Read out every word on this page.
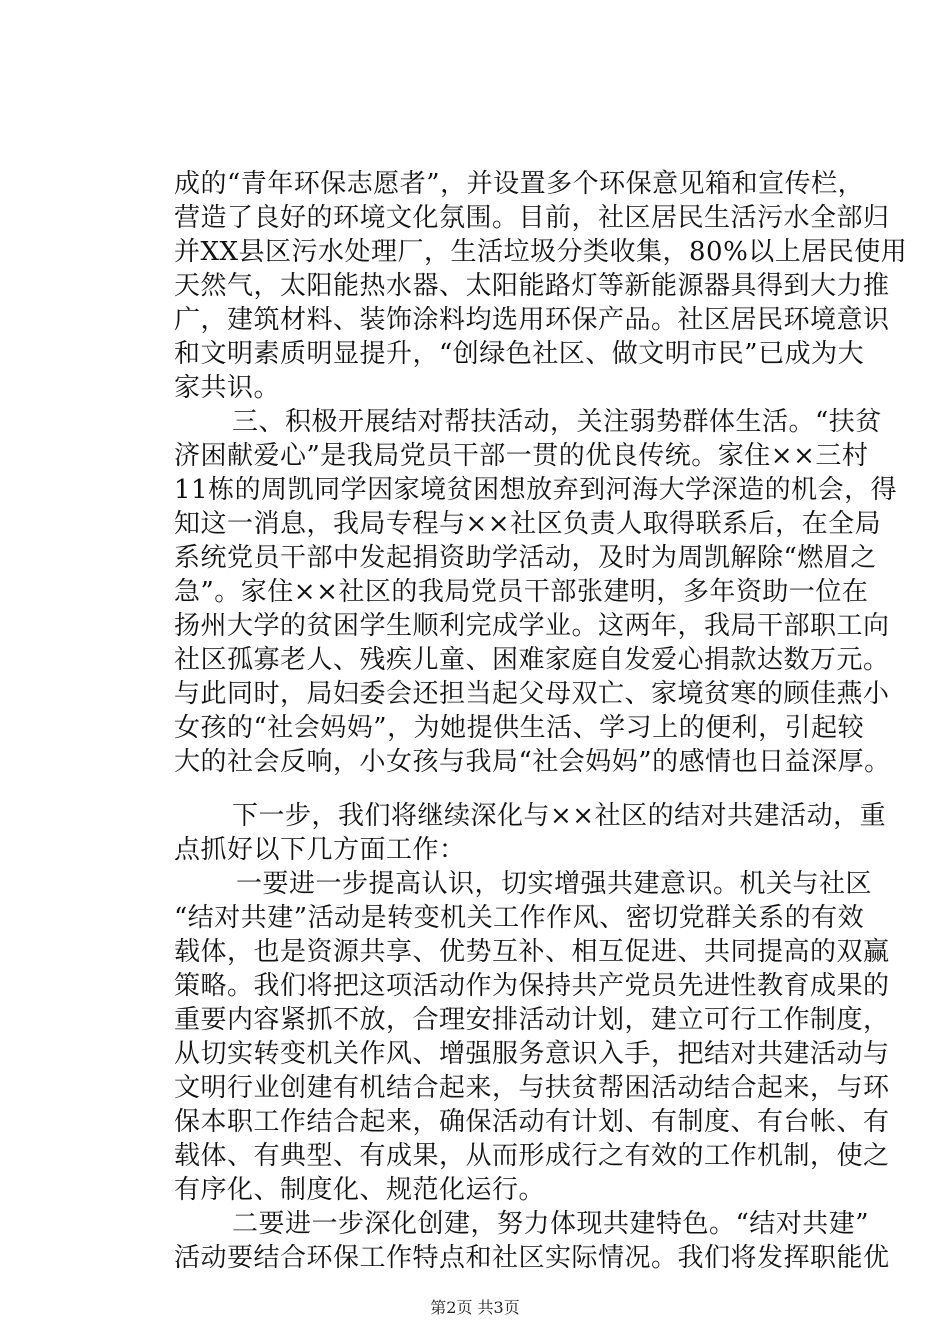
成的“青年环保志愿者”，并设置多个环保意见箱和宣传栏，
营造了良好的环境文化氛围。目前，社区居民生活污水全部归
并XX县区污水处理厂，生活垃圾分类收集，80%以上居民使用
天然气，太阳能热水器、太阳能路灯等新能源器具得到大力推
广，建筑材料、装饰涂料均选用环保产品。社区居民环境意识
和文明素质明显提升，“创绿色社区、做文明市民”已成为大
家共识。
三、积极开展结对帮扶活动，关注弱势群体生活。“扶贫
济困献爱心”是我局党员干部一贯的优良传统。家住××三村
11栋的周凯同学因家境贫困想放弃到河海大学深造的机会，得
知这一消息，我局专程与××社区负责人取得联系后，在全局
系统党员干部中发起捐资助学活动，及时为周凯解除“燃眉之
急”。家住××社区的我局党员干部张建明，多年资助一位在
扬州大学的贫困学生顺利完成学业。这两年，我局干部职工向
社区孤寡老人、残疾儿童、困难家庭自发爱心捐款达数万元。
与此同时，局妇委会还担当起父母双亡、家境贫寒的顾佳燕小
女孩的“社会妈妈”，为她提供生活、学习上的便利，引起较
大的社会反响，小女孩与我局“社会妈妈”的感情也日益深厚。
下一步，我们将继续深化与××社区的结对共建活动，重
点抓好以下几方面工作：
一要进一步提高认识，切实增强共建意识。机关与社区
“结对共建”活动是转变机关工作作风、密切党群关系的有效
载体，也是资源共享、优势互补、相互促进、共同提高的双赢
策略。我们将把这项活动作为保持共产党员先进性教育成果的
重要内容紧抓不放，合理安排活动计划，建立可行工作制度，
从切实转变机关作风、增强服务意识入手，把结对共建活动与
文明行业创建有机结合起来，与扶贫帮困活动结合起来，与环
保本职工作结合起来，确保活动有计划、有制度、有台帐、有
载体、有典型、有成果，从而形成行之有效的工作机制，使之
有序化、制度化、规范化运行。
二要进一步深化创建，努力体现共建特色。“结对共建”
活动要结合环保工作特点和社区实际情况。我们将发挥职能优
第2页 共3页
